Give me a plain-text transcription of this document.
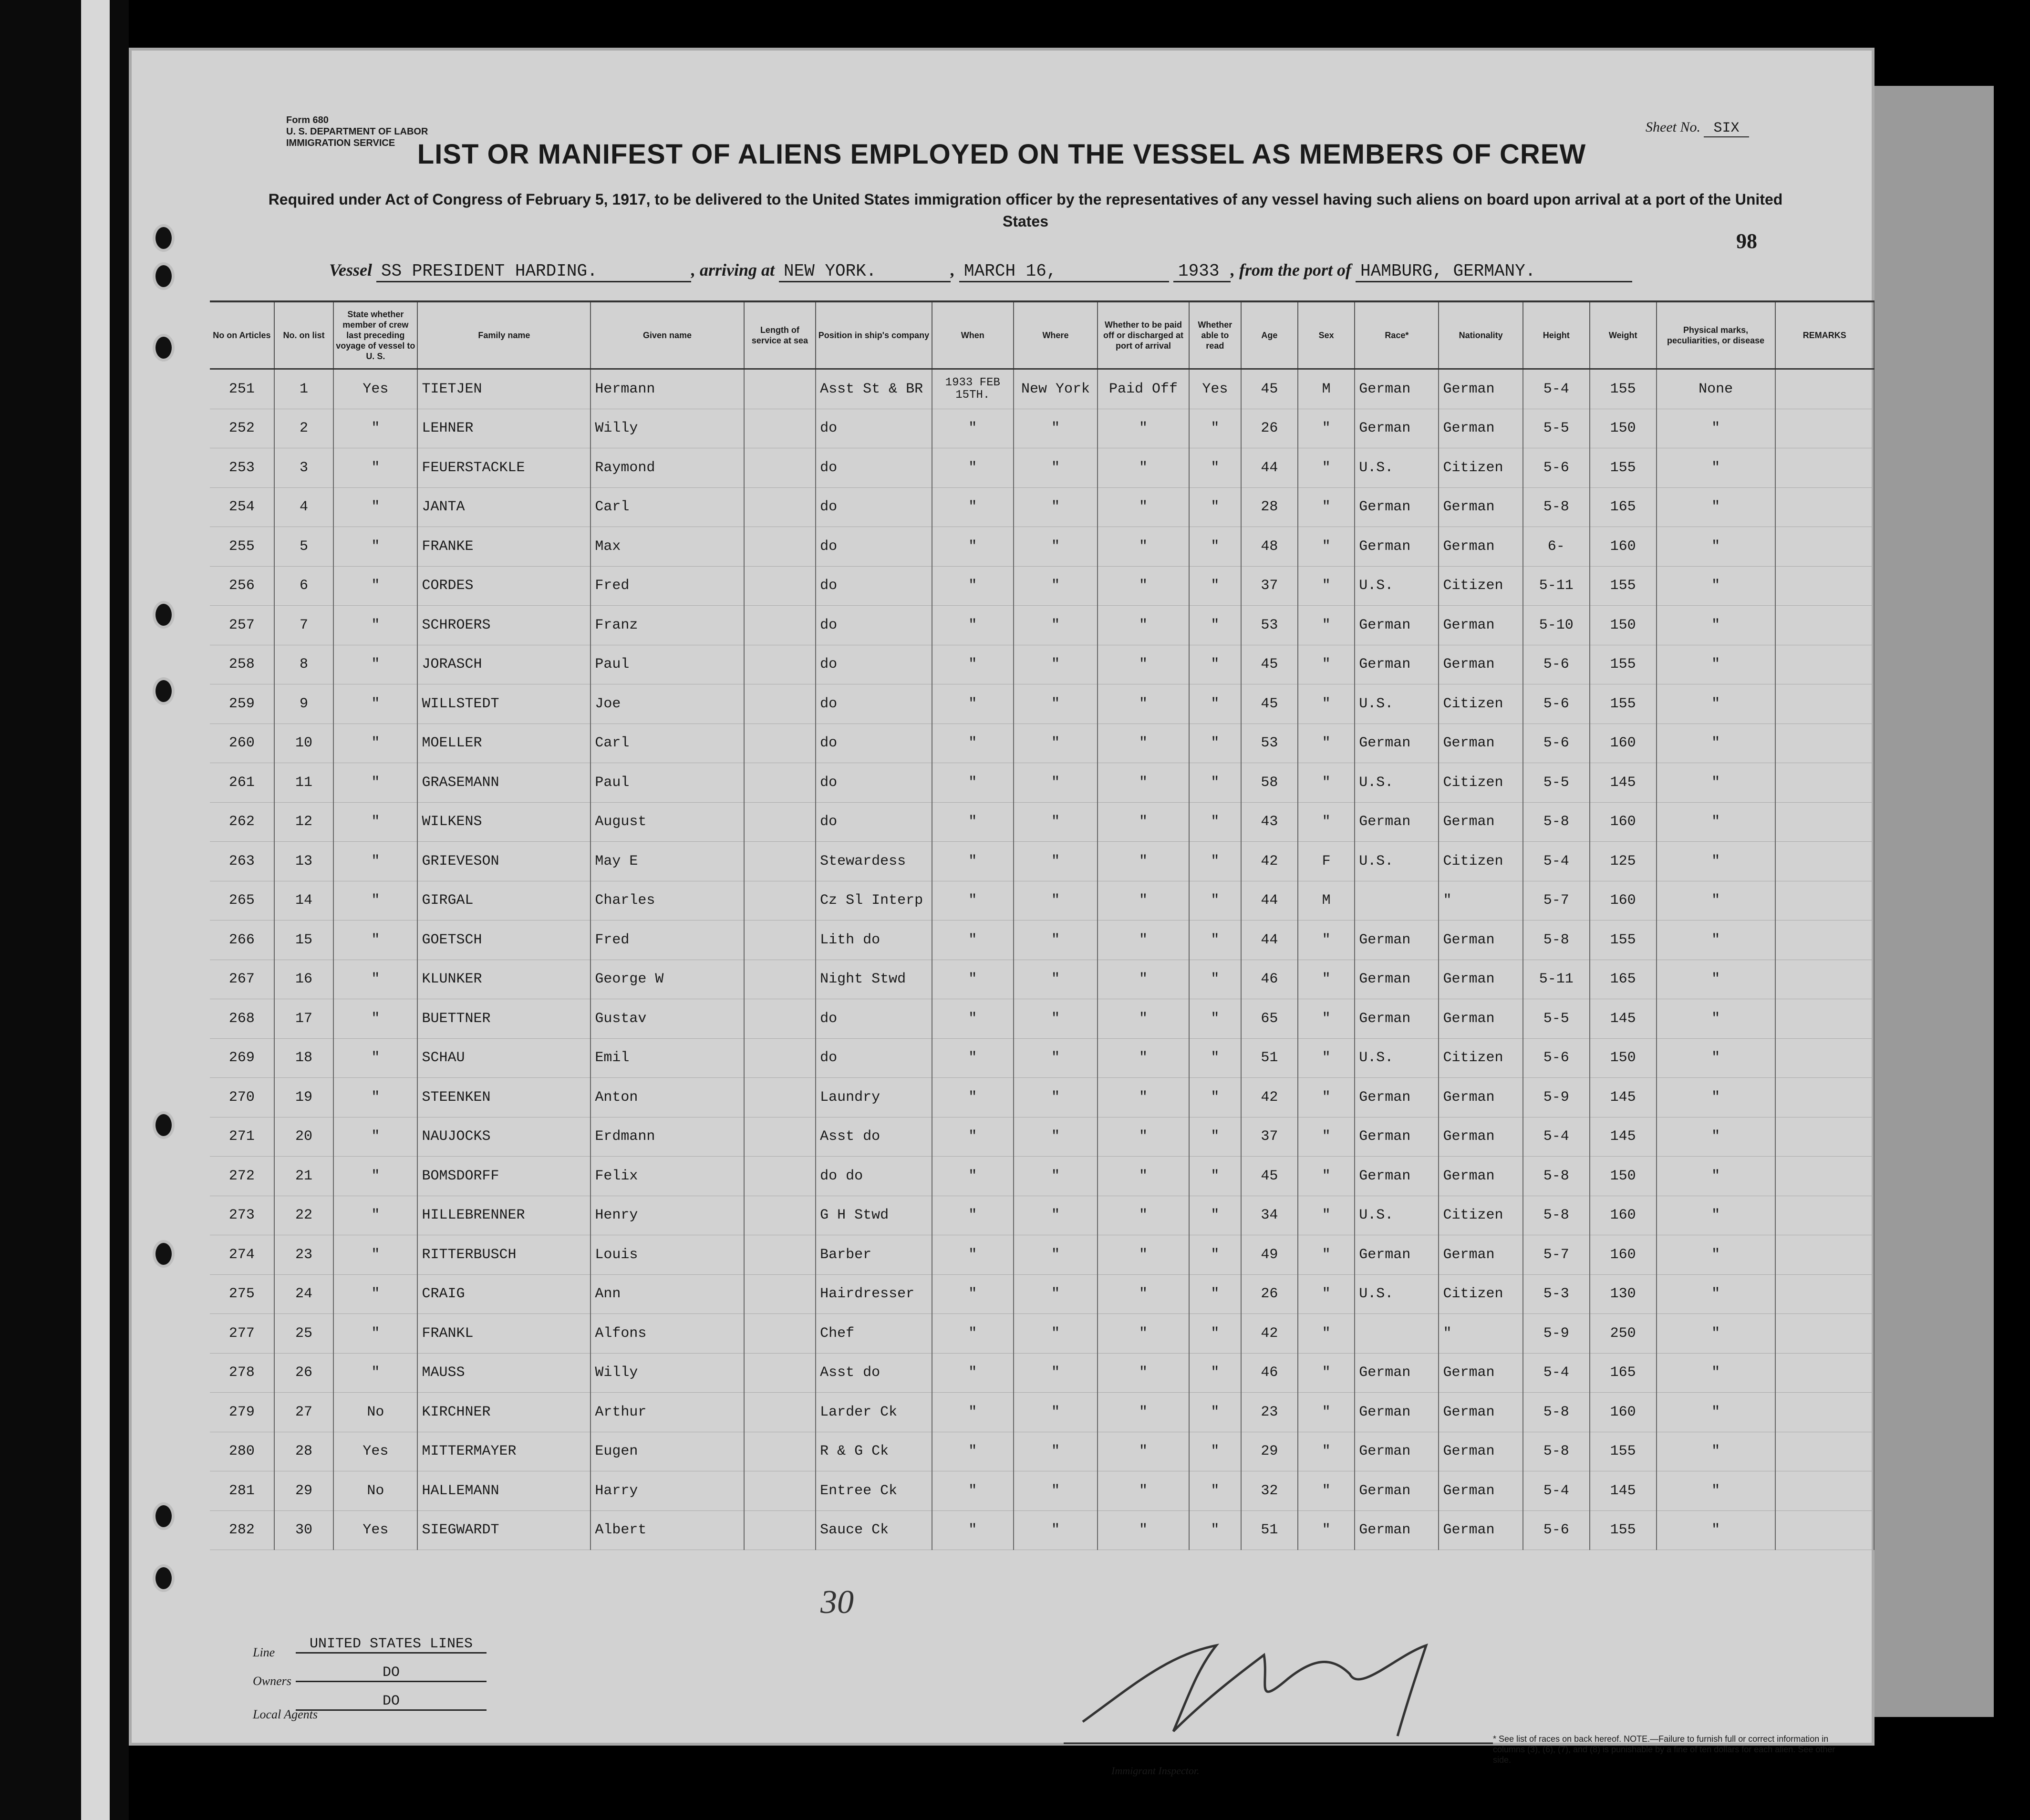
Form 680
U. S. DEPARTMENT OF LABOR
IMMIGRATION SERVICE
Sheet No. SIX
LIST OR MANIFEST OF ALIENS EMPLOYED ON THE VESSEL AS MEMBERS OF CREW
Required under Act of Congress of February 5, 1917, to be delivered to the United States immigration officer by the representatives of any vessel having such aliens on board upon arrival at a port of the United States
98
Vessel SS PRESIDENT HARDING.	, arriving at NEW YORK.	, MARCH 16,	1933 , from the port of HAMBURG, GERMANY.
No on Articles	No. on list	State whether member of crew last preceding voyage of vessel to U. S.	Family name	Given name	Length of service at sea	Position in ship's company	When	Where	Whether to be paid off or discharged at port of arrival	Whether able to read	Age	Sex	Race*	Nationality	Height	Weight	Physical marks, peculiarities, or disease	REMARKS
251	1	Yes	TIETJEN	Hermann		Asst St & BR	1933 FEB 15TH.	New York	Paid Off	Yes	45	M	German	German	5-4	155	None	
252	2	"	LEHNER	Willy		do	"	"	"	"	26	"	German	German	5-5	150	"	
253	3	"	FEUERSTACKLE	Raymond		do	"	"	"	"	44	"	U.S.	Citizen	5-6	155	"	
254	4	"	JANTA	Carl		do	"	"	"	"	28	"	German	German	5-8	165	"	
255	5	"	FRANKE	Max		do	"	"	"	"	48	"	German	German	6-	160	"	
256	6	"	CORDES	Fred		do	"	"	"	"	37	"	U.S.	Citizen	5-11	155	"	
257	7	"	SCHROERS	Franz		do	"	"	"	"	53	"	German	German	5-10	150	"	
258	8	"	JORASCH	Paul		do	"	"	"	"	45	"	German	German	5-6	155	"	
259	9	"	WILLSTEDT	Joe		do	"	"	"	"	45	"	U.S.	Citizen	5-6	155	"	
260	10	"	MOELLER	Carl		do	"	"	"	"	53	"	German	German	5-6	160	"	
261	11	"	GRASEMANN	Paul		do	"	"	"	"	58	"	U.S.	Citizen	5-5	145	"	
262	12	"	WILKENS	August		do	"	"	"	"	43	"	German	German	5-8	160	"	
263	13	"	GRIEVESON	May E		Stewardess	"	"	"	"	42	F	U.S.	Citizen	5-4	125	"	
265	14	"	GIRGAL	Charles		Cz Sl Interp	"	"	"	"	44	M		"	5-7	160	"	
266	15	"	GOETSCH	Fred		Lith do	"	"	"	"	44	"	German	German	5-8	155	"	
267	16	"	KLUNKER	George W		Night Stwd	"	"	"	"	46	"	German	German	5-11	165	"	
268	17	"	BUETTNER	Gustav		do	"	"	"	"	65	"	German	German	5-5	145	"	
269	18	"	SCHAU	Emil		do	"	"	"	"	51	"	U.S.	Citizen	5-6	150	"	
270	19	"	STEENKEN	Anton		Laundry	"	"	"	"	42	"	German	German	5-9	145	"	
271	20	"	NAUJOCKS	Erdmann		Asst do	"	"	"	"	37	"	German	German	5-4	145	"	
272	21	"	BOMSDORFF	Felix		do do	"	"	"	"	45	"	German	German	5-8	150	"	
273	22	"	HILLEBRENNER	Henry		G H Stwd	"	"	"	"	34	"	U.S.	Citizen	5-8	160	"	
274	23	"	RITTERBUSCH	Louis		Barber	"	"	"	"	49	"	German	German	5-7	160	"	
275	24	"	CRAIG	Ann		Hairdresser	"	"	"	"	26	"	U.S.	Citizen	5-3	130	"	
277	25	"	FRANKL	Alfons		Chef	"	"	"	"	42	"		"	5-9	250	"	
278	26	"	MAUSS	Willy		Asst do	"	"	"	"	46	"	German	German	5-4	165	"	
279	27	No	KIRCHNER	Arthur		Larder Ck	"	"	"	"	23	"	German	German	5-8	160	"	
280	28	Yes	MITTERMAYER	Eugen		R & G Ck	"	"	"	"	29	"	German	German	5-8	155	"	
281	29	No	HALLEMANN	Harry		Entree Ck	"	"	"	"	32	"	German	German	5-4	145	"	
282	30	Yes	SIEGWARDT	Albert		Sauce Ck	"	"	"	"	51	"	German	German	5-6	155	"	
Line
UNITED STATES LINES
Owners
DO
Local Agents
DO
30
Immigrant Inspector.
* See list of races on back hereof. NOTE.—Failure to furnish full or correct information in columns (3), (6), (7), and (8) is punishable by a fine of ten dollars for each alien. See other side.
